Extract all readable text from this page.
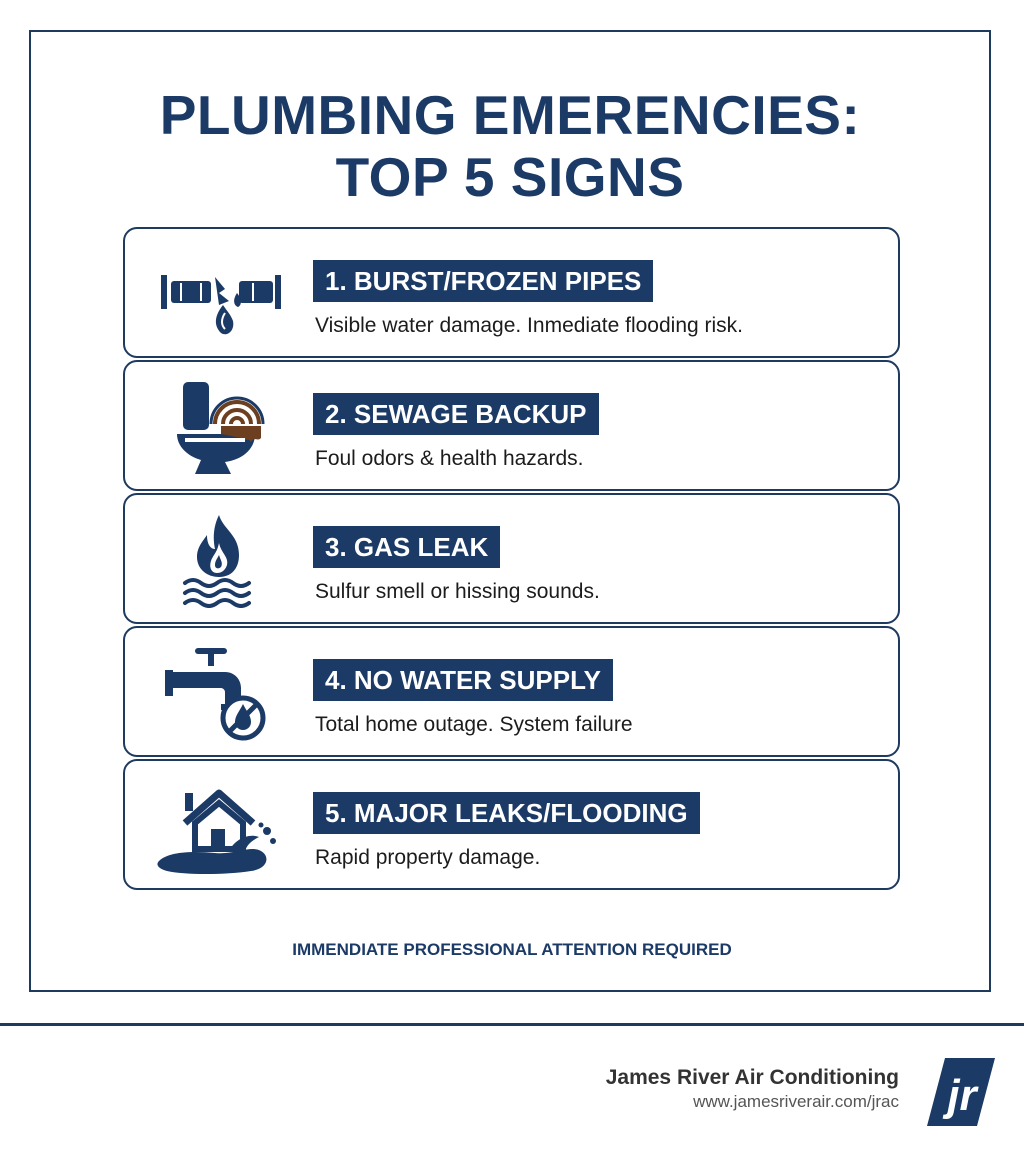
PLUMBING EMERENCIES:
TOP 5 SIGNS
1. BURST/FROZEN PIPES
Visible water damage. Inmediate flooding risk.
2. SEWAGE BACKUP
Foul odors & health hazards.
3. GAS LEAK
Sulfur smell or hissing sounds.
4. NO WATER SUPPLY
Total home outage. System failure
5. MAJOR LEAKS/FLOODING
Rapid property damage.
IMMENDIATE PROFESSIONAL ATTENTION REQUIRED
James River Air Conditioning
www.jamesriverair.com/jrac jr
